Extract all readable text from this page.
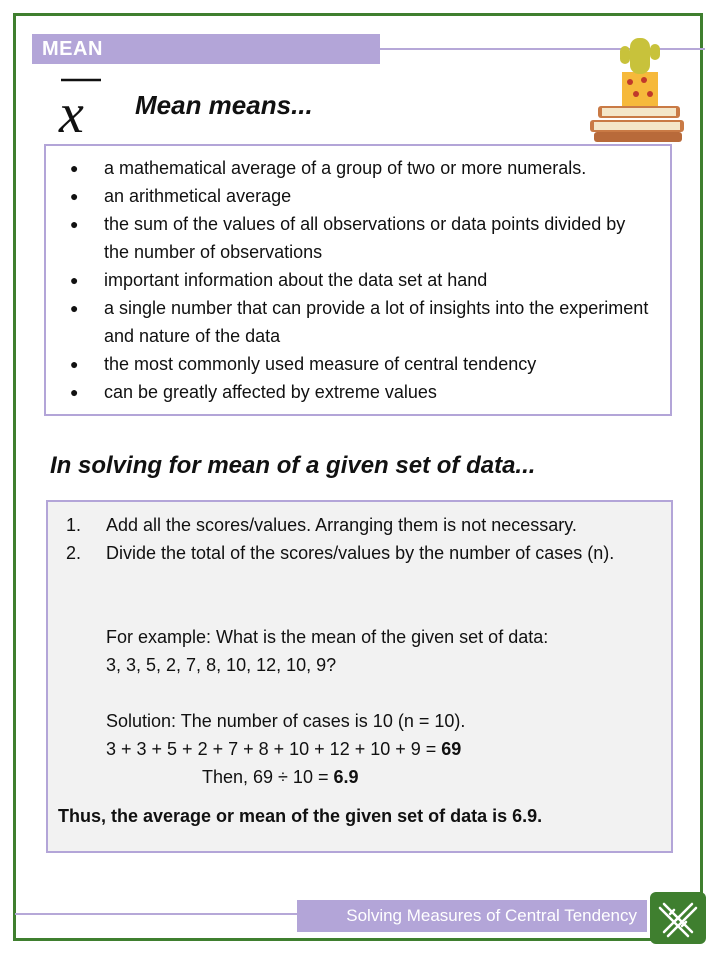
MEAN
x Mean means...
● a mathematical average of a group of two or more numerals.
● an arithmetical average
● the sum of the values of all observations or data points divided by the number of observations
● important information about the data set at hand
● a single number that can provide a lot of insights into the experiment and nature of the data
● the most commonly used measure of central tendency
● can be greatly affected by extreme values
In solving for mean of a given set of data...
1.	Add all the scores/values. Arranging them is not necessary.
2.	Divide the total of the scores/values by the number of cases (n).
For example: What is the mean of the given set of data:
3, 3, 5, 2, 7, 8, 10, 12, 10, 9?
Solution: The number of cases is 10 (n = 10).
3 + 3 + 5 + 2 + 7 + 8 + 10 + 12 + 10 + 9 = 69
Then, 69 ÷ 10 = 6.9
Thus, the average or mean of the given set of data is 6.9.
Solving Measures of Central Tendency
